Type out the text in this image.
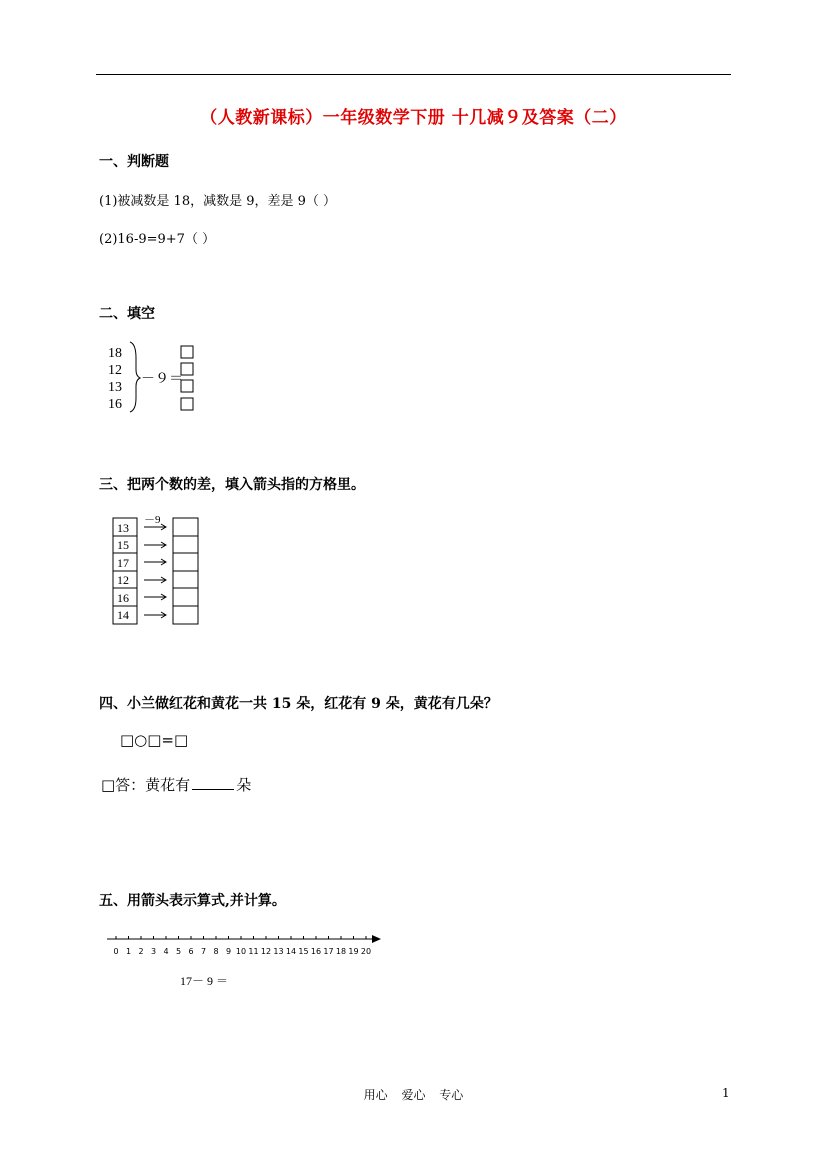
（人教新课标）一年级数学下册 十几减９及答案（二）
一、判断题
(1)被减数是 18，减数是 9，差是 9（ ）
(2)16-9=9+7（ ）
二、填空
18
12
13
16
－９＝
三、把两个数的差，填入箭头指的方格里。
13
15
17
12
16
14
－9
四、小兰做红花和黄花一共 15 朵，红花有 9 朵，黄花有几朵？
□○□=□
□答：黄花有	朵
五、用箭头表示算式,并计算。
0 1 2 3 4 5 6 7 8 9 10 11 12 13 14 15 16 17 18 19 20
17－ 9 ＝
用心 爱心 专心	1
